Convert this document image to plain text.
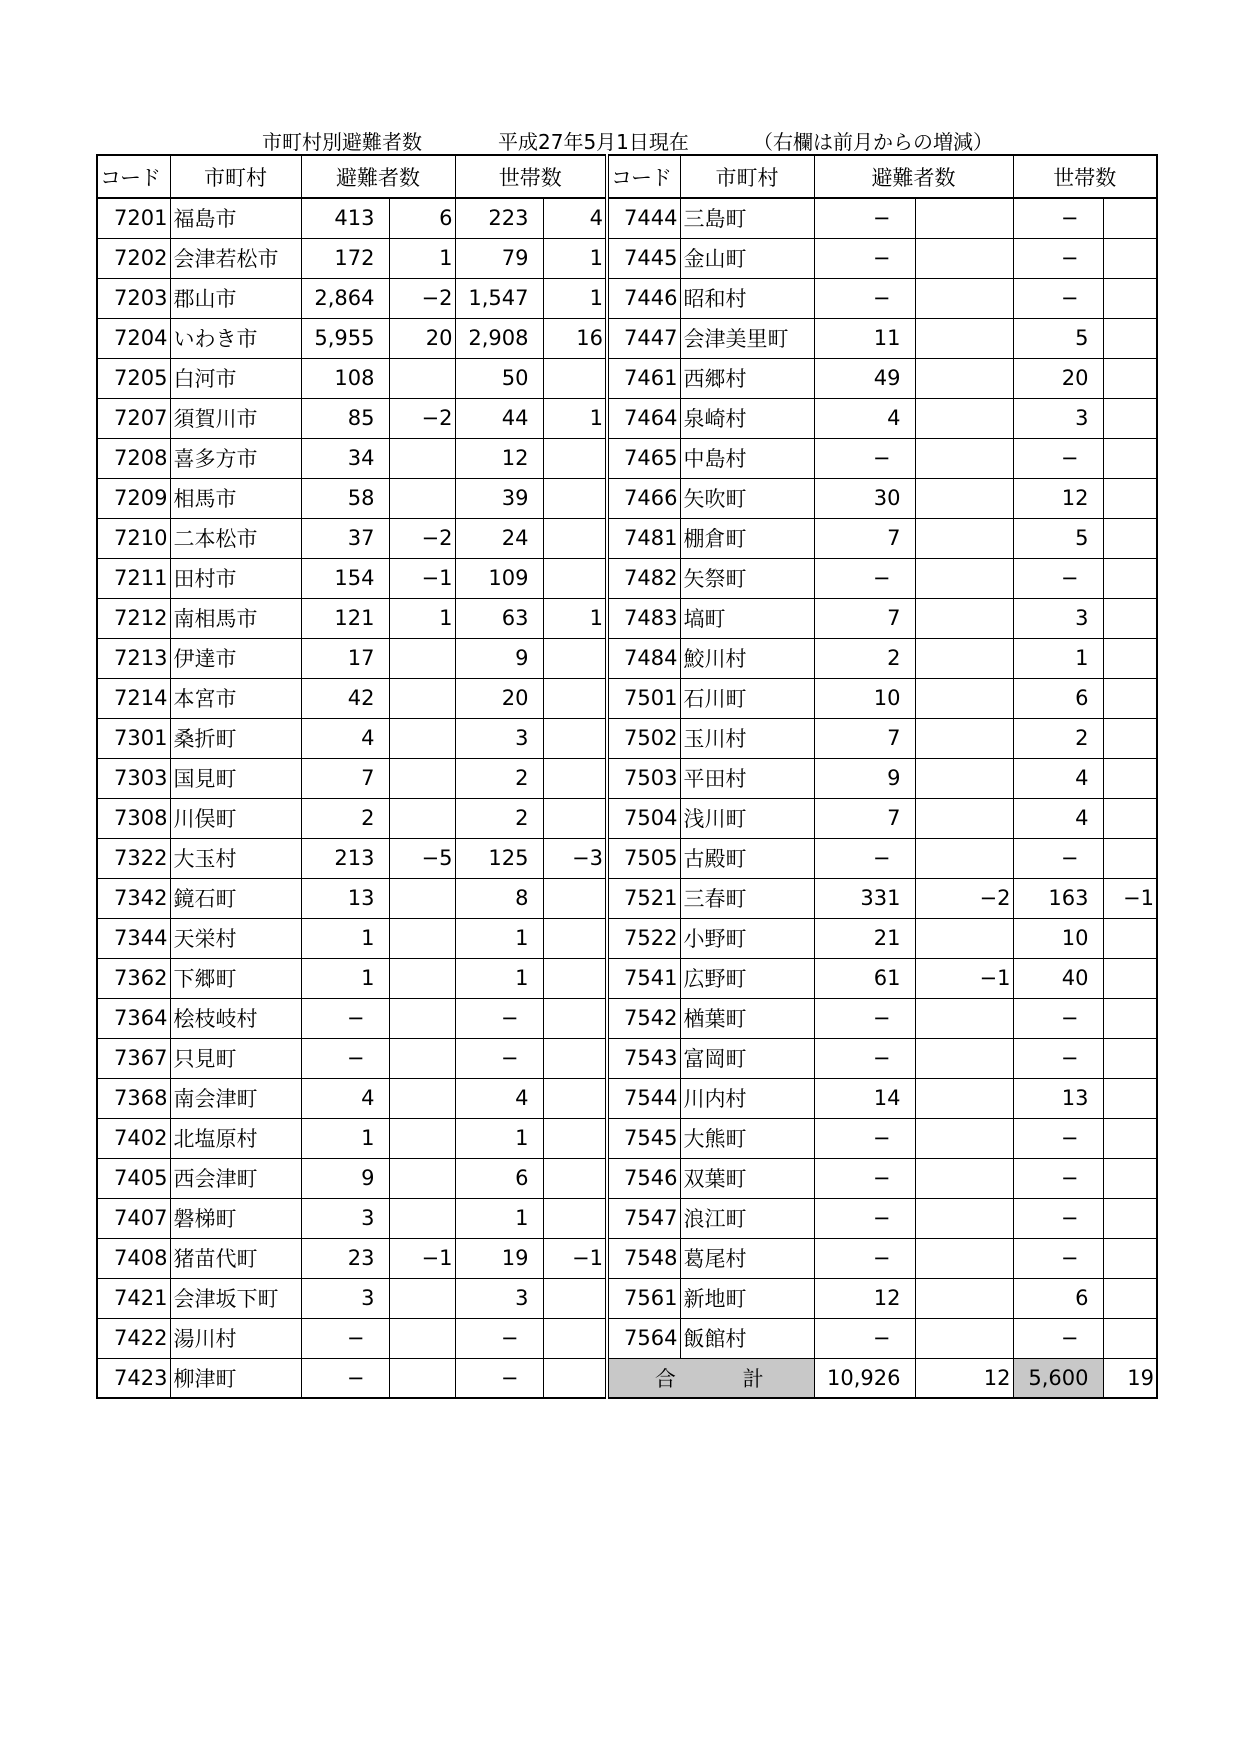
市町村別避難者数

	平成27年5月1日現在

	（右欄は前月からの増減）

コード	市町村	避難者数		世帯数		コード	市町村	避難者数		世帯数	
7201	福島市	413	6	223	4	7444	三島町	−		−	
7202	会津若松市	172	1	79	1	7445	金山町	−		−	
7203	郡山市	2,864	−2	1,547	1	7446	昭和村	−		−	
7204	いわき市	5,955	20	2,908	16	7447	会津美里町	11		5	
7205	白河市	108		50		7461	西郷村	49		20	
7207	須賀川市	85	−2	44	1	7464	泉崎村	4		3	
7208	喜多方市	34		12		7465	中島村	−		−	
7209	相馬市	58		39		7466	矢吹町	30		12	
7210	二本松市	37	−2	24		7481	棚倉町	7		5	
7211	田村市	154	−1	109		7482	矢祭町	−		−	
7212	南相馬市	121	1	63	1	7483	塙町	7		3	
7213	伊達市	17		9		7484	鮫川村	2		1	
7214	本宮市	42		20		7501	石川町	10		6	
7301	桑折町	4		3		7502	玉川村	7		2	
7303	国見町	7		2		7503	平田村	9		4	
7308	川俣町	2		2		7504	浅川町	7		4	
7322	大玉村	213	−5	125	−3	7505	古殿町	−		−	
7342	鏡石町	13		8		7521	三春町	331	−2	163	−1
7344	天栄村	1		1		7522	小野町	21		10	
7362	下郷町	1		1		7541	広野町	61	−1	40	
7364	桧枝岐村	−		−		7542	楢葉町	−		−	
7367	只見町	−		−		7543	富岡町	−		−	
7368	南会津町	4		4		7544	川内村	14		13	
7402	北塩原村	1		1		7545	大熊町	−		−	
7405	西会津町	9		6		7546	双葉町	−		−	
7407	磐梯町	3		1		7547	浪江町	−		−	
7408	猪苗代町	23	−1	19	−1	7548	葛尾村	−		−	
7421	会津坂下町	3		3		7561	新地町	12		6	
7422	湯川村	−		−		7564	飯館村	−		−	
7423	柳津町	−		−		合 計		10,926	12	5,600	19
